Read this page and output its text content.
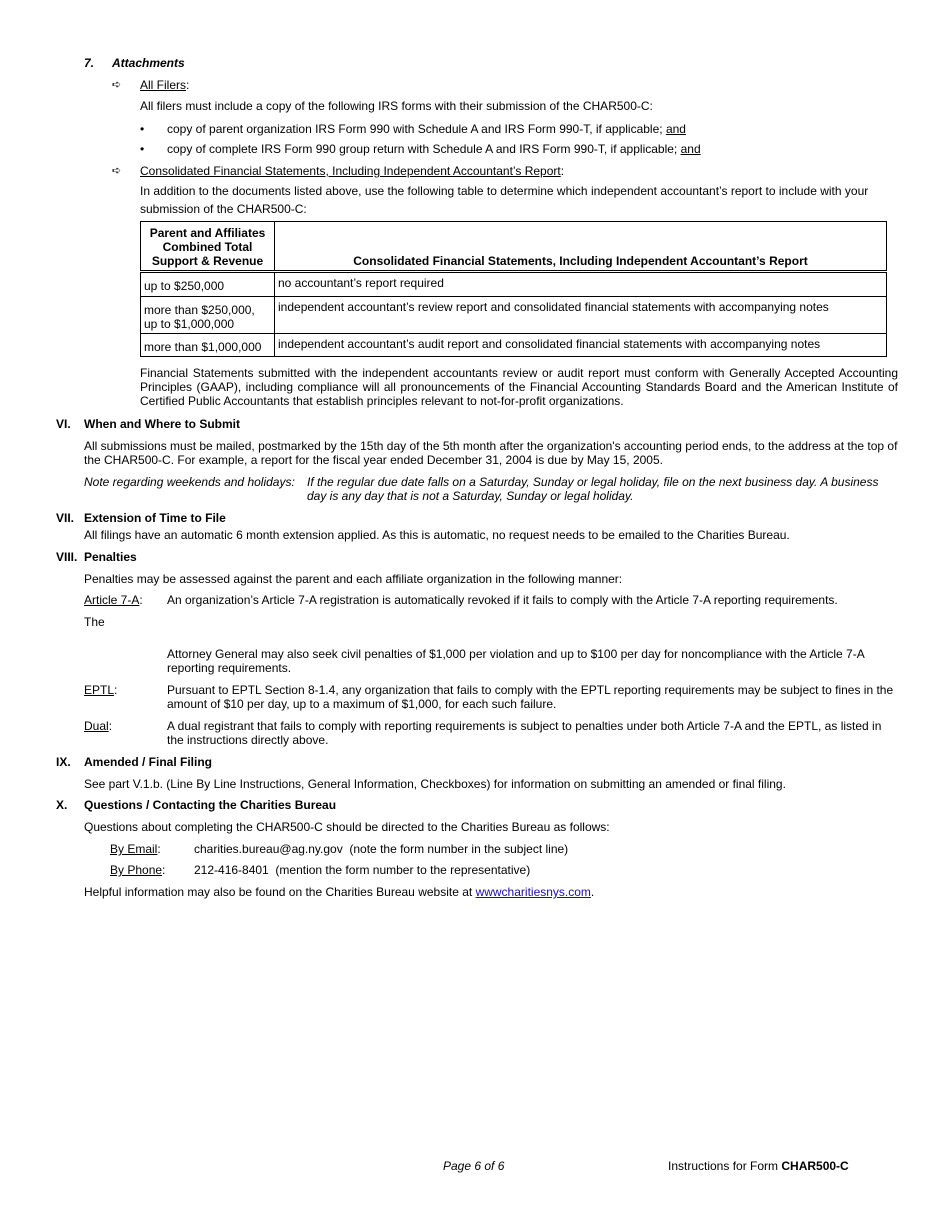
7. Attachments
➪ All Filers:
All filers must include a copy of the following IRS forms with their submission of the CHAR500-C:
• copy of parent organization IRS Form 990 with Schedule A and IRS Form 990-T, if applicable; and
• copy of complete IRS Form 990 group return with Schedule A and IRS Form 990-T, if applicable; and
➪ Consolidated Financial Statements, Including Independent Accountant’s Report:
In addition to the documents listed above, use the following table to determine which independent accountant’s report to include with your submission of the CHAR500-C:
Parent and Affiliates Combined Total Support & Revenue	Consolidated Financial Statements, Including Independent Accountant’s Report
up to $250,000	no accountant’s report required
more than $250,000, up to $1,000,000	independent accountant’s review report and consolidated financial statements with accompanying notes
more than $1,000,000	independent accountant’s audit report and consolidated financial statements with accompanying notes
Financial Statements submitted with the independent accountants review or audit report must conform with Generally Accepted Accounting Principles (GAAP), including compliance will all pronouncements of the Financial Accounting Standards Board and the American Institute of Certified Public Accountants that establish principles relevant to not-for-profit organizations.
VI. When and Where to Submit
All submissions must be mailed, postmarked by the 15th day of the 5th month after the organization's accounting period ends, to the address at the top of the CHAR500-C. For example, a report for the fiscal year ended December 31, 2004 is due by May 15, 2005.
Note regarding weekends and holidays: If the regular due date falls on a Saturday, Sunday or legal holiday, file on the next business day. A business
day is any day that is not a Saturday, Sunday or legal holiday.
VII. Extension of Time to File
All filings have an automatic 6 month extension applied. As this is automatic, no request needs to be emailed to the Charities Bureau.
VIII. Penalties
Penalties may be assessed against the parent and each affiliate organization in the following manner:
Article 7-A: An organization’s Article 7-A registration is automatically revoked if it fails to comply with the Article 7-A reporting requirements.
The
Attorney General may also seek civil penalties of $1,000 per violation and up to $100 per day for noncompliance with the Article 7-A reporting requirements.
EPTL:	Pursuant to EPTL Section 8-1.4, any organization that fails to comply with the EPTL reporting requirements may be subject to fines in the amount of $10 per day, up to a maximum of $1,000, for each such failure.
Dual:	A dual registrant that fails to comply with reporting requirements is subject to penalties under both Article 7-A and the EPTL, as listed in the instructions directly above.
IX. Amended / Final Filing
See part V.1.b. (Line By Line Instructions, General Information, Checkboxes) for information on submitting an amended or final filing.
X. Questions / Contacting the Charities Bureau
Questions about completing the CHAR500-C should be directed to the Charities Bureau as follows:
By Email:	charities.bureau@ag.ny.gov  (note the form number in the subject line)
By Phone: 212-416-8401  (mention the form number to the representative)
Helpful information may also be found on the Charities Bureau website at wwwcharitiesnys.com.
Page 6 of 6	Instructions for Form CHAR500-C
